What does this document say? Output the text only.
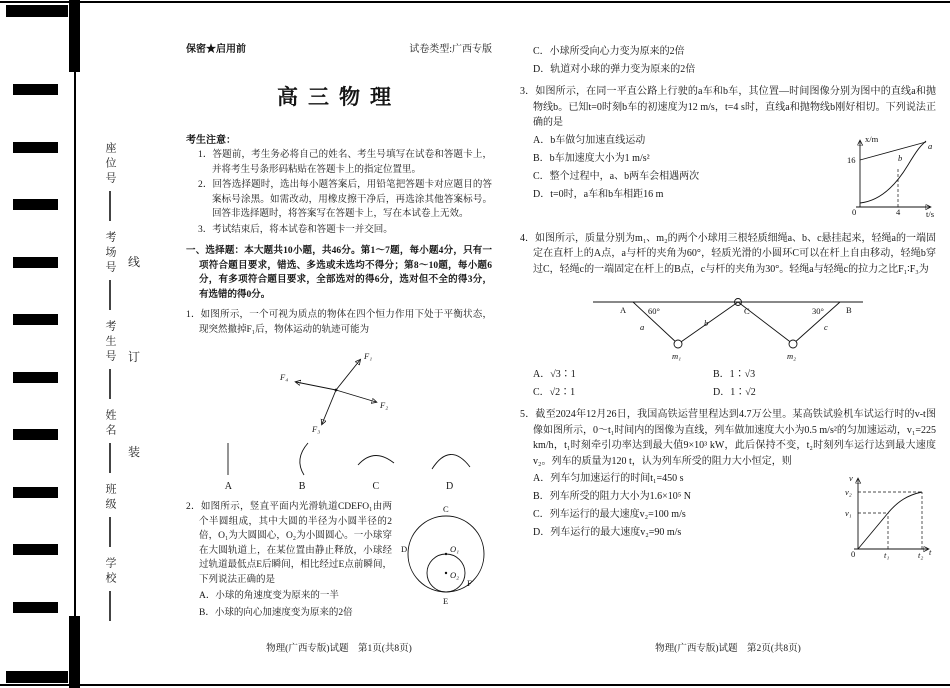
座位号
考场号
考生号
姓名
班级
学校
线
订
装
保密★启用前	试卷类型:广西专版
高三物理
考生注意：

1．答题前，考生务必将自己的姓名、考生号填写在试卷和答题卡上，并将考生号条形码粘贴在答题卡上的指定位置里。

2．回答选择题时，选出每小题答案后，用铅笔把答题卡对应题目的答案标号涂黑。如需改动，用橡皮擦干净后，再选涂其他答案标号。回答非选择题时，将答案写在答题卡上，写在本试卷上无效。

3．考试结束后，将本试卷和答题卡一并交回。

一、选择题：本大题共10小题，共46分。第1～7题，每小题4分，只有一项符合题目要求，错选、多选或未选均不得分；第8～10题，每小题6分，有多项符合题目要求，全部选对的得6分，选对但不全的得3分，有选错的得0分。

1．如图所示，一个可视为质点的物体在四个恒力作用下处于平衡状态，现突然撤掉F₁后，物体运动的轨迹可能为

F₁
F₂
F₃
F₄
A	B	C	D
C
D	O₁
O₂
E
F

2．如图所示，竖直平面内光滑轨道CDEFO₁由两个半圆组成，其中大圆的半径为小圆半径的2倍，O₁为大圆圆心，O₂为小圆圆心。一小球穿在大圆轨道上，在某位置由静止释放，小球经过轨道最低点E后瞬间，相比经过E点前瞬间，下列说法正确的是

A．小球的角速度变为原来的一半

B．小球的向心加速度变为原来的2倍

物理(广西专版)试题　第1页(共8页)

C．小球所受向心力变为原来的2倍

D．轨道对小球的弹力变为原来的2倍

3．如图所示，在同一平直公路上行驶的a车和b车，其位置—时间图像分别为图中的直线a和抛物线b。已知t=0时刻b车的初速度为12 m/s，t=4 s时，直线a和抛物线b刚好相切。下列说法正确的是

x/m
t/s
16
4
0
a
b

A．b车做匀加速直线运动

B．b车加速度大小为1 m/s²

C．整个过程中，a、b两车会相遇两次

D．t=0时，a车和b车相距16 m

4．如图所示，质量分别为m₁、m₂的两个小球用三根轻质细绳a、b、c悬挂起来，轻绳a的一端固定在直杆上的A点，a与杆的夹角为60°，轻质光滑的小圆环C可以在杆上自由移动，轻绳b穿过C，轻绳c的一端固定在杆上的B点，c与杆的夹角为30°。轻绳a与轻绳c的拉力之比F₁∶F₃为

A	60°	C	30°	B
a	b	c
m₁	m₂
A．√3∶1	B．1∶√3
C．√2∶1	D．1∶√2

5．截至2024年12月26日，我国高铁运营里程达到4.7万公里。某高铁试验机车试运行时的v-t图像如图所示，0～t₁时间内的图像为直线，列车做加速度大小为0.5 m/s²的匀加速运动，v₁=225 km/h，t₁时刻牵引功率达到最大值9×10³ kW，此后保持不变，t₂时刻列车运行达到最大速度v₂。列车的质量为120 t，认为列车所受的阻力大小恒定，则

v
t
v₂
v₁
0	t₁	t₂

A．列车匀加速运行的时间t₁=450 s

B．列车所受的阻力大小为1.6×10⁵ N

C．列车运行的最大速度v₂=100 m/s

D．列车运行的最大速度v₂=90 m/s

物理(广西专版)试题　第2页(共8页)
